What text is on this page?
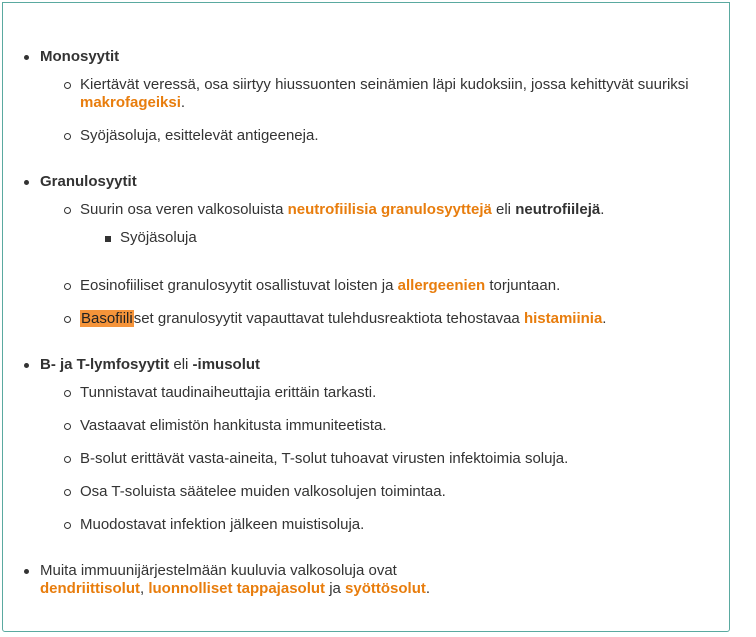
Monosyytit
Kiertävät veressä, osa siirtyy hiussuonten seinämien läpi kudoksiin, jossa kehittyvät suuriksi makrofageiksi.
Syöjäsoluja, esittelevät antigeeneja.
Granulosyytit
Suurin osa veren valkosoluista neutrofiilisia granulosyyttejä eli neutrofiilejä.
Syöjäsoluja
Eosinofiiliset granulosyytit osallistuvat loisten ja allergeenien torjuntaan.
Basofiiliset granulosyytit vapauttavat tulehdusreaktiota tehostavaa histamiinia.
B- ja T-lymfosyytit eli -imusolut
Tunnistavat taudinaiheuttajia erittäin tarkasti.
Vastaavat elimistön hankitusta immuniteetista.
B-solut erittävät vasta-aineita, T-solut tuhoavat virusten infektoimia soluja.
Osa T-soluista säätelee muiden valkosolujen toimintaa.
Muodostavat infektion jälkeen muistisoluja.
Muita immuunijärjestelmään kuuluvia valkosoluja ovat
dendriittisolut, luonnolliset tappajasolut ja syöttösolut.
